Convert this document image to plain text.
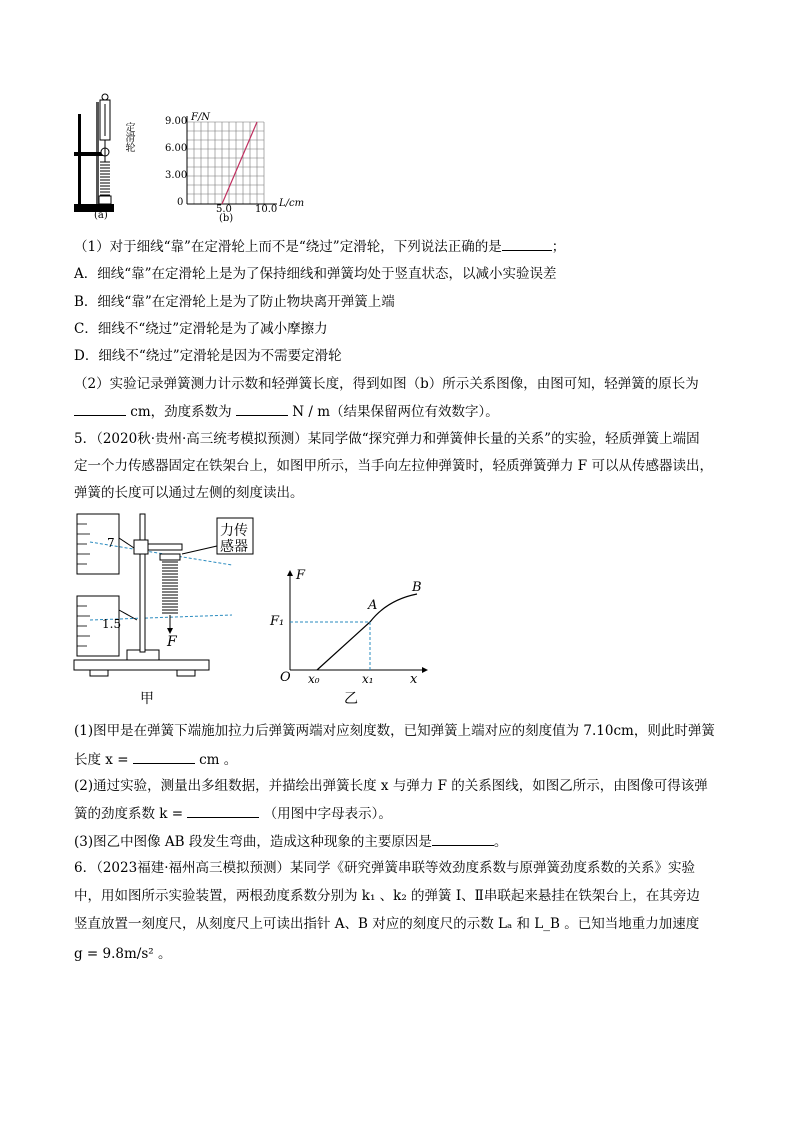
定滑轮
(a)
F/N
9.00
6.00
3.00
0
5.0 10.0
L/cm
(b)
（1）对于细线“靠”在定滑轮上而不是“绕过”定滑轮，下列说法正确的是	；
A．细线“靠”在定滑轮上是为了保持细线和弹簧均处于竖直状态，以减小实验误差
B．细线“靠”在定滑轮上是为了防止物块离开弹簧上端
C．细线不“绕过”定滑轮是为了减小摩擦力
D．细线不“绕过”定滑轮是因为不需要定滑轮
（2）实验记录弹簧测力计示数和轻弹簧长度，得到如图（b）所示关系图像，由图可知，轻弹簧的原长为
cm，劲度系数为	N / m（结果保留两位有效数字）。
5．（2020秋·贵州·高三统考模拟预测）某同学做“探究弹力和弹簧伸长量的关系”的实验，轻质弹簧上端固
定一个力传感器固定在铁架台上，如图甲所示，当手向左拉伸弹簧时，轻质弹簧弹力 F 可以从传感器读出，
弹簧的长度可以通过左侧的刻度读出。
力传
感器
7
1.5
F
甲
F
A
B
F₁
O x₀	x₁	x
乙
(1)图甲是在弹簧下端施加拉力后弹簧两端对应刻度数，已知弹簧上端对应的刻度值为 7.10cm，则此时弹簧
长度 x =	cm 。
(2)通过实验，测量出多组数据，并描绘出弹簧长度 x 与弹力 F 的关系图线，如图乙所示，由图像可得该弹
簧的劲度系数 k =	（用图中字母表示）。
(3)图乙中图像 AB 段发生弯曲，造成这种现象的主要原因是	。
6．（2023福建·福州高三模拟预测）某同学《研究弹簧串联等效劲度系数与原弹簧劲度系数的关系》实验
中，用如图所示实验装置，两根劲度系数分别为 k₁ 、k₂ 的弹簧 Ⅰ、Ⅱ串联起来悬挂在铁架台上，在其旁边
竖直放置一刻度尺，从刻度尺上可读出指针 A、B 对应的刻度尺的示数 Lₐ 和 L_B 。已知当地重力加速度
g = 9.8m/s² 。
